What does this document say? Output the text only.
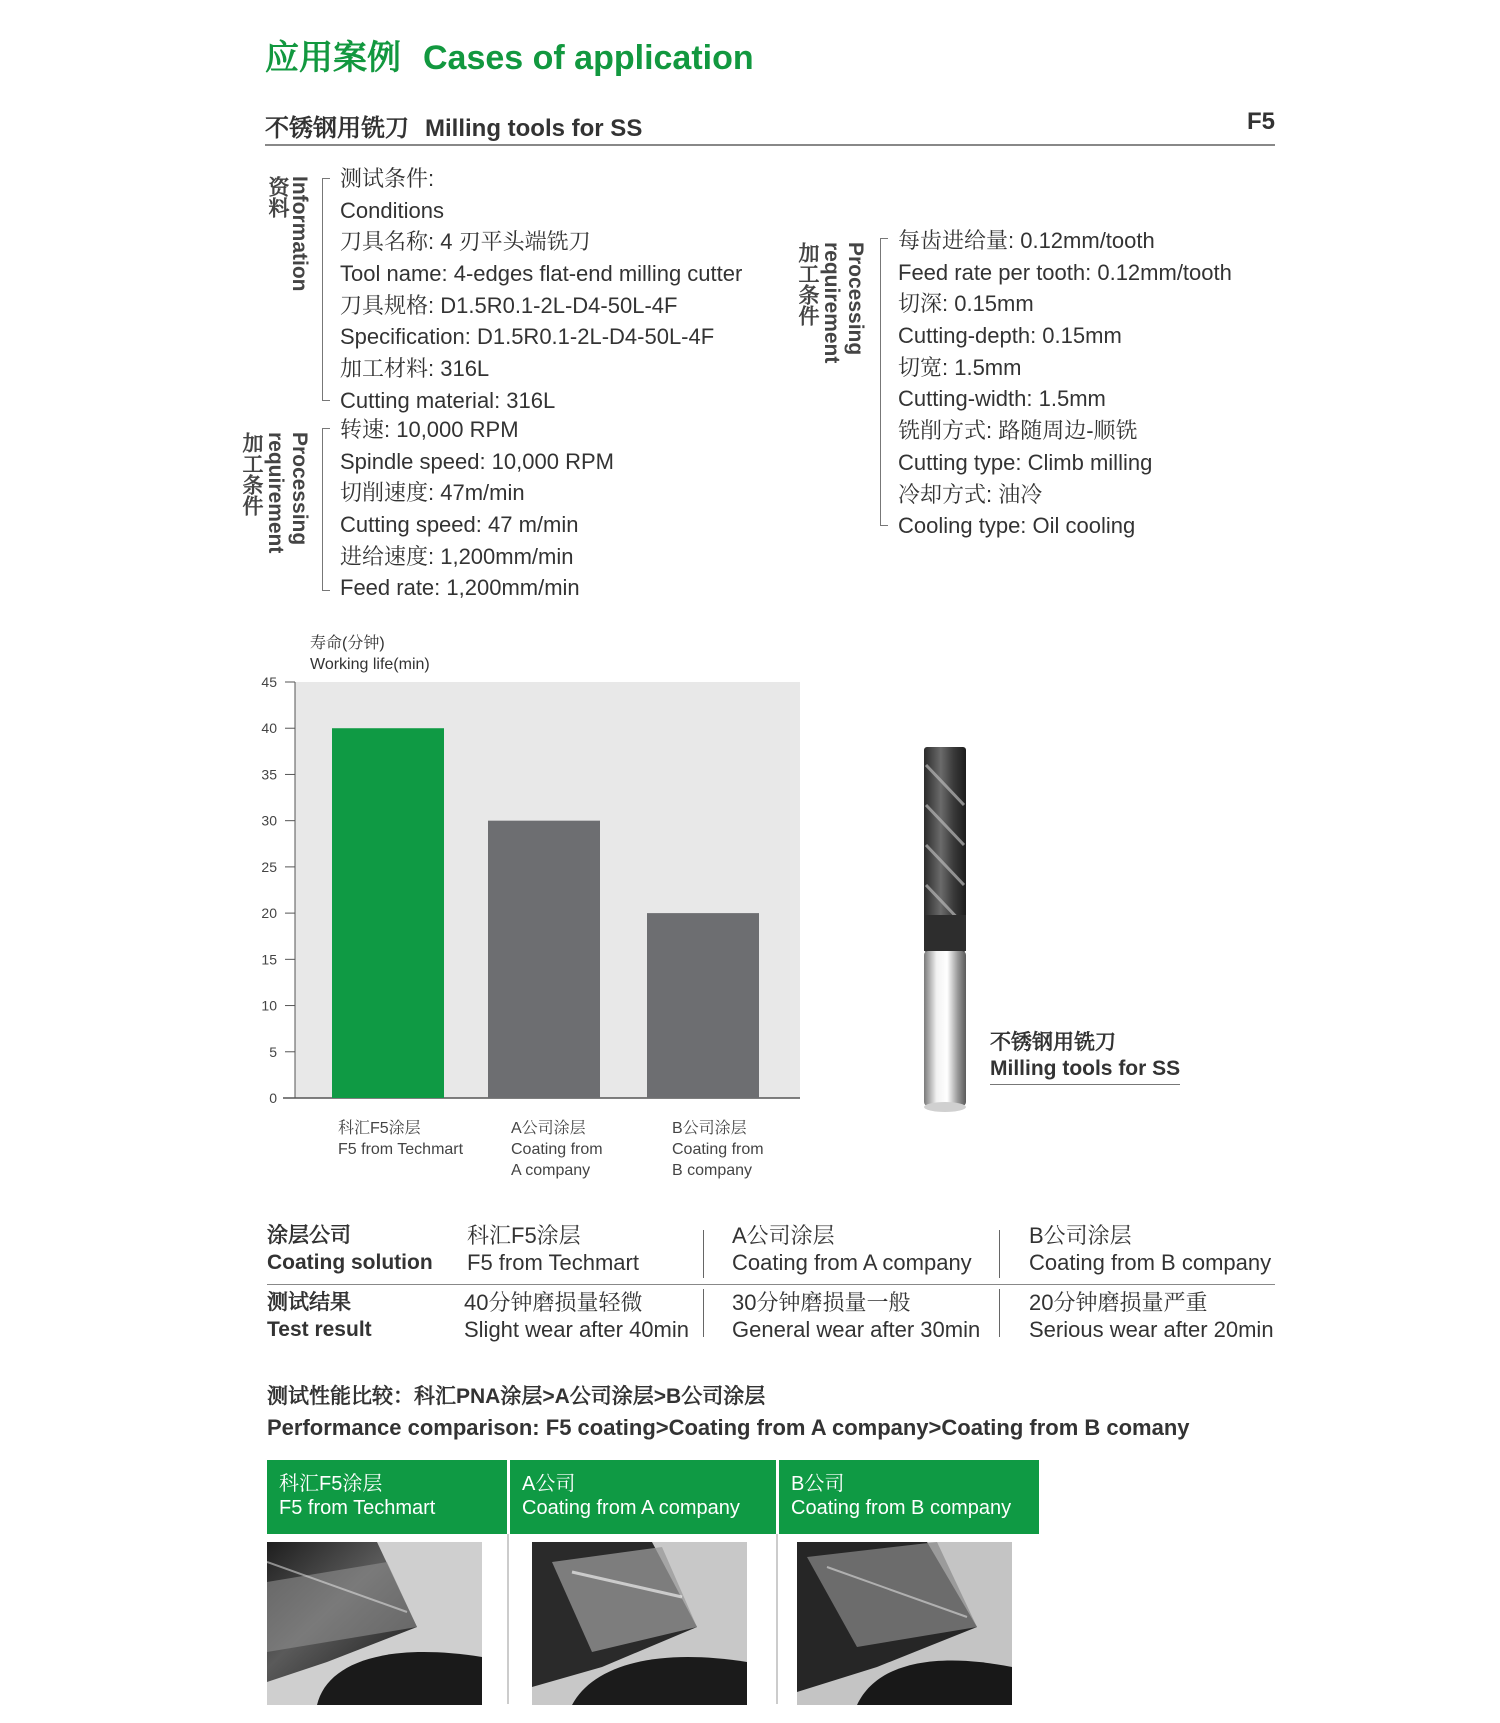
应用案例 Cases of application
不锈钢用铣刀 Milling tools for SS	F5
资料 Information 测试条件:
Conditions
刀具名称: 4 刃平头端铣刀
Tool name: 4-edges flat-end milling cutter
刀具规格: D1.5R0.1-2L-D4-50L-4F
Specification: D1.5R0.1-2L-D4-50L-4F
加工材料: 316L
Cutting material: 316L
加工条件 requirement Processing
转速: 10,000 RPM
Spindle speed: 10,000 RPM
切削速度: 47m/min
Cutting speed: 47 m/min
进给速度: 1,200mm/min
Feed rate: 1,200mm/min
加工条件 requirement Processing
每齿进给量: 0.12mm/tooth
Feed rate per tooth: 0.12mm/tooth
切深: 0.15mm
Cutting-depth: 0.15mm
切宽: 1.5mm
Cutting-width: 1.5mm
铣削方式: 路随周边-顺铣
Cutting type: Climb milling
冷却方式: 油冷
Cooling type: Oil cooling
寿命(分钟)
Working life(min)
0
5
10
15
20
25
30
35
40
45
科汇F5涂层
F5 from Techmart
A公司涂层
Coating from
A company
B公司涂层
Coating from
B company
不锈钢用铣刀
Milling tools for SS
涂层公司
Coating solution
科汇F5涂层
F5 from Techmart
A公司涂层
Coating from A company
B公司涂层
Coating from B company
测试结果
Test result
40分钟磨损量轻微
Slight wear after 40min
30分钟磨损量一般
General wear after 30min
20分钟磨损量严重
Serious wear after 20min
测试性能比较：科汇PNA涂层>A公司涂层>B公司涂层
Performance comparison: F5 coating>Coating from A company>Coating from B comany
科汇F5涂层
F5 from Techmart
A公司
Coating from A company
B公司
Coating from B company
